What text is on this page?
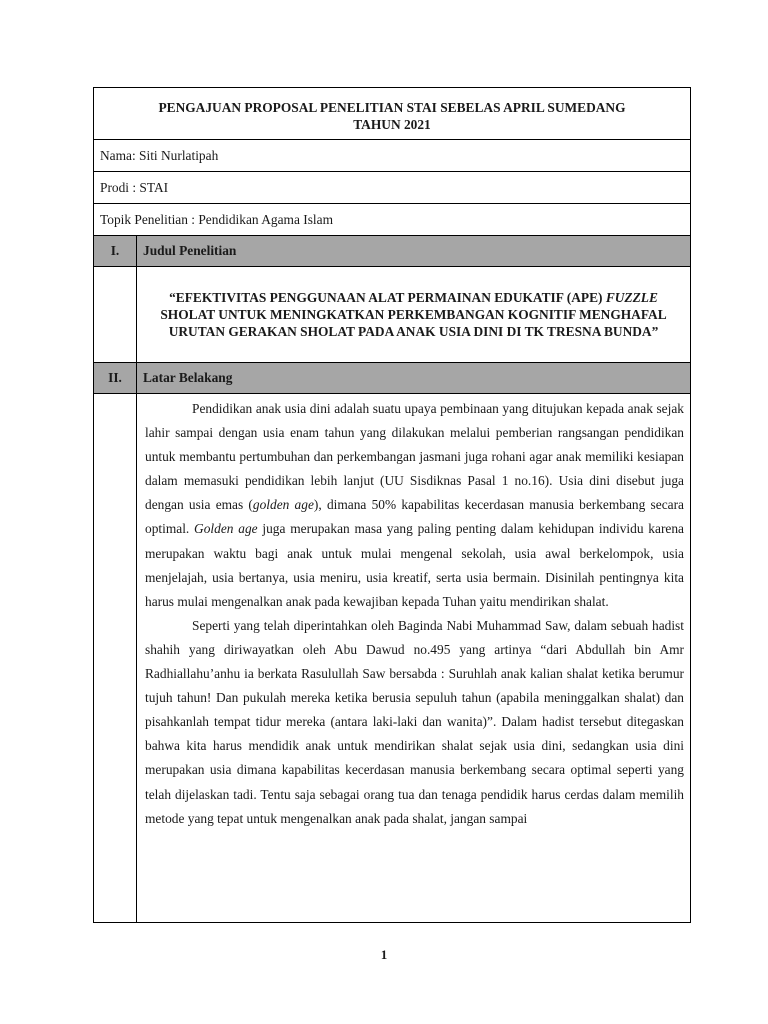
PENGAJUAN PROPOSAL PENELITIAN STAI SEBELAS APRIL SUMEDANG
TAHUN 2021	

Nama: Siti Nurlatipah	
Prodi : STAI	
Topik Penelitian : Pendidikan Agama Islam	
I.	Judul Penelitian
	“EFEKTIVITAS PENGGUNAAN ALAT PERMAINAN EDUKATIF (APE) FUZZLE SHOLAT UNTUK MENINGKATKAN PERKEMBANGAN KOGNITIF MENGHAFAL URUTAN GERAKAN SHOLAT PADA ANAK USIA DINI DI TK TRESNA BUNDA”
II.	Latar Belakang

	Pendidikan anak usia dini adalah suatu upaya pembinaan yang ditujukan kepada anak sejak lahir sampai dengan usia enam tahun yang dilakukan melalui pemberian rangsangan pendidikan untuk membantu pertumbuhan dan perkembangan jasmani juga rohani agar anak memiliki kesiapan dalam memasuki pendidikan lebih lanjut (UU Sisdiknas Pasal 1 no.16). Usia dini disebut juga dengan usia emas (golden age), dimana 50% kapabilitas kecerdasan manusia berkembang secara optimal. Golden age juga merupakan masa yang paling penting dalam kehidupan individu karena merupakan waktu bagi anak untuk mulai mengenal sekolah, usia awal berkelompok, usia menjelajah, usia bertanya, usia meniru, usia kreatif, serta usia bermain. Disinilah pentingnya kita harus mulai mengenalkan anak pada kewajiban kepada Tuhan yaitu mendirikan shalat.

Seperti yang telah diperintahkan oleh Baginda Nabi Muhammad Saw, dalam sebuah hadist shahih yang diriwayatkan oleh Abu Dawud no.495 yang artinya “dari Abdullah bin Amr Radhiallahu’anhu ia berkata Rasulullah Saw bersabda : Suruhlah anak kalian shalat ketika berumur tujuh tahun! Dan pukulah mereka ketika berusia sepuluh tahun (apabila meninggalkan shalat) dan pisahkanlah tempat tidur mereka (antara laki-laki dan wanita)”. Dalam hadist tersebut ditegaskan bahwa kita harus mendidik anak untuk mendirikan shalat sejak usia dini, sedangkan usia dini merupakan usia dimana kapabilitas kecerdasan manusia berkembang secara optimal seperti yang telah dijelaskan tadi. Tentu saja sebagai orang tua dan tenaga pendidik harus cerdas dalam memilih metode yang tepat untuk mengenalkan anak pada shalat, jangan sampai

1
